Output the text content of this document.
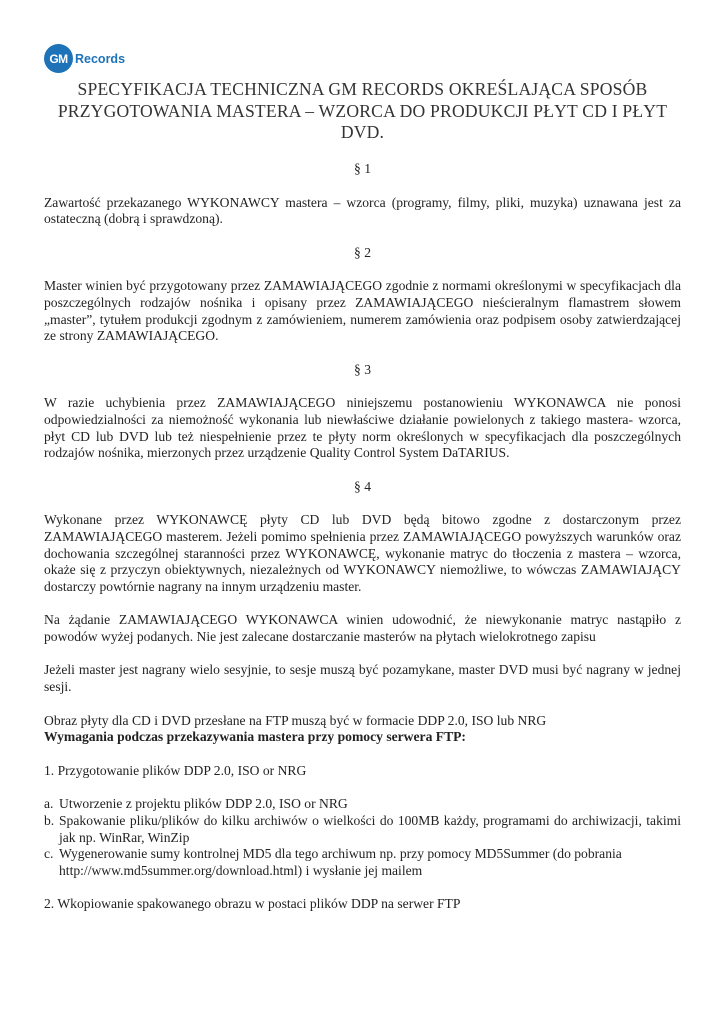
GM Records
SPECYFIKACJA TECHNICZNA GM RECORDS OKREŚLAJĄCA SPOSÓB PRZYGOTOWANIA MASTERA – WZORCA DO PRODUKCJI PŁYT CD I PŁYT DVD.

§ 1

Zawartość przekazanego WYKONAWCY mastera – wzorca (programy, filmy, pliki, muzyka) uznawana jest za ostateczną (dobrą i sprawdzoną).

§ 2

Master winien być przygotowany przez ZAMAWIAJĄCEGO zgodnie z normami określonymi w specyfikacjach dla poszczególnych rodzajów nośnika i opisany przez ZAMAWIAJĄCEGO nieścieralnym flamastrem słowem „master”, tytułem produkcji zgodnym z zamówieniem, numerem zamówienia oraz podpisem osoby zatwierdzającej ze strony ZAMAWIAJĄCEGO.

§ 3

W razie uchybienia przez ZAMAWIAJĄCEGO niniejszemu postanowieniu WYKONAWCA nie ponosi odpowiedzialności za niemożność wykonania lub niewłaściwe działanie powielonych z takiego mastera- wzorca, płyt CD lub DVD lub też niespełnienie przez te płyty norm określonych w specyfikacjach dla poszczególnych rodzajów nośnika, mierzonych przez urządzenie Quality Control System DaTARIUS.

§ 4

Wykonane przez WYKONAWCĘ płyty CD lub DVD będą bitowo zgodne z dostarczonym przez ZAMAWIAJĄCEGO masterem. Jeżeli pomimo spełnienia przez ZAMAWIAJĄCEGO powyższych warunków oraz dochowania szczególnej staranności przez WYKONAWCĘ, wykonanie matryc do tłoczenia z mastera – wzorca, okaże się z przyczyn obiektywnych, niezależnych od WYKONAWCY niemożliwe, to wówczas ZAMAWIAJĄCY dostarczy powtórnie nagrany na innym urządzeniu master.

Na żądanie ZAMAWIAJĄCEGO WYKONAWCA winien udowodnić, że niewykonanie matryc nastąpiło z powodów wyżej podanych. Nie jest zalecane dostarczanie masterów na płytach wielokrotnego zapisu

Jeżeli master jest nagrany wielo sesyjnie, to sesje muszą być pozamykane, master DVD musi być nagrany w jednej sesji.

Obraz płyty dla CD i DVD przesłane na FTP muszą być w formacie DDP 2.0, ISO lub NRG

Wymagania podczas przekazywania mastera przy pomocy serwera FTP:

1. Przygotowanie plików DDP 2.0, ISO or NRG

a. Utworzenie z projektu plików DDP 2.0, ISO or NRG
b. Spakowanie pliku/plików do kilku archiwów o wielkości do 100MB każdy, programami do archiwizacji, takimi jak np. WinRar, WinZip
c. Wygenerowanie sumy kontrolnej MD5 dla tego archiwum np. przy pomocy MD5Summer (do pobrania http://www.md5summer.org/download.html) i wysłanie jej mailem

2. Wkopiowanie spakowanego obrazu w postaci plików DDP na serwer FTP
